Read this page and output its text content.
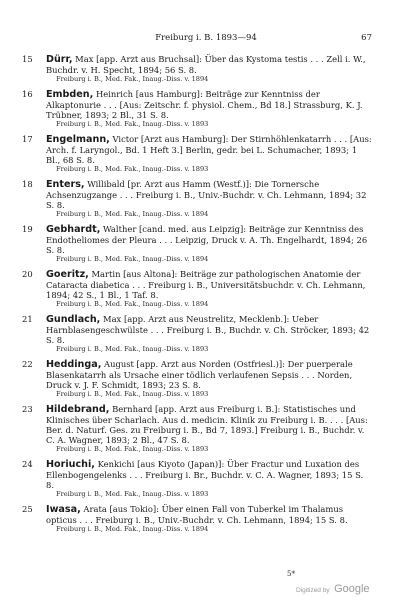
Freiburg i. B. 1893—94	67
15	Dürr, Max [app. Arzt aus Bruchsal]: Über das Kystoma testis . . . Zell i. W., Buchdr. v. H. Specht, 1894; 56 S. 8.
Freiburg i. B., Med. Fak., Inaug.-Diss. v. 1894
16	Embden, Heinrich [aus Hamburg]: Beiträge zur Kenntniss der Alkaptonurie . . . [Aus: Zeitschr. f. physiol. Chem., Bd 18.] Strassburg, K. J. Trübner, 1893; 2 Bl., 31 S. 8.
Freiburg i. B., Med. Fak., Inaug.-Diss. v. 1893
17	Engelmann, Victor [Arzt aus Hamburg]: Der Stirnhöhlenkatarrh . . . [Aus: Arch. f. Laryngol., Bd. 1 Heft 3.] Berlin, gedr. bei L. Schumacher, 1893; 1 Bl., 68 S. 8.
Freiburg i. B., Med. Fak., Inaug.-Diss. v. 1893
18	Enters, Willibald [pr. Arzt aus Hamm (Westf.)]: Die Tornersche Achsenzugzange . . . Freiburg i. B., Univ.-Buchdr. v. Ch. Lehmann, 1894; 32 S. 8.
Freiburg i. B., Med. Fak., Inaug.-Diss. v. 1894
19	Gebhardt, Walther [cand. med. aus Leipzig]: Beiträge zur Kenntniss des Endotheliomes der Pleura . . . Leipzig, Druck v. A. Th. Engelhardt, 1894; 26 S. 8.
Freiburg i. B., Med. Fak., Inaug.-Diss. v. 1894
20	Goeritz, Martin [aus Altona]: Beiträge zur pathologischen Anatomie der Cataracta diabetica . . . Freiburg i. B., Universitätsbuchdr. v. Ch. Lehmann, 1894; 42 S., 1 Bl., 1 Taf. 8.
Freiburg i. B., Med. Fak., Inaug.-Diss. v. 1894
21	Gundlach, Max [app. Arzt aus Neustrelitz, Mecklenb.]: Ueber Harnblasengeschwülste . . . Freiburg i. B., Buchdr. v. Ch. Ströcker, 1893; 42 S. 8.
Freiburg i. B., Med. Fak., Inaug.-Diss. v. 1893
22	Heddinga, August [app. Arzt aus Norden (Ostfriesl.)]: Der puerperale Blasenkatarrh als Ursache einer tödlich verlaufenen Sepsis . . . Norden, Druck v. J. F. Schmidt, 1893; 23 S. 8.
Freiburg i. B., Med. Fak., Inaug.-Diss. v. 1893
23	Hildebrand, Bernhard [app. Arzt aus Freiburg i. B.]: Statistisches und Klinisches über Scharlach. Aus d. medicin. Klinik zu Freiburg i. B. . . . [Aus: Ber. d. Naturf. Ges. zu Freiburg i. B., Bd 7, 1893.] Freiburg i. B., Buchdr. v. C. A. Wagner, 1893; 2 Bl., 47 S. 8.
Freiburg i. B., Med. Fak., Inaug.-Diss. v. 1893
24	Horiuchi, Kenkichi [aus Kiyoto (Japan)]: Über Fractur und Luxation des Ellenbogengelenks . . . Freiburg i. Br., Buchdr. v. C. A. Wagner, 1893; 15 S. 8.
Freiburg i. B., Med. Fak., Inaug.-Diss. v. 1893
25	Iwasa, Arata [aus Tokio]: Über einen Fall von Tuberkel im Thalamus opticus . . . Freiburg i. B., Univ.-Buchdr. v. Ch. Lehmann, 1894; 15 S. 8.
Freiburg i. B., Med. Fak., Inaug.-Diss. v. 1894
5*
Digitized by Google
